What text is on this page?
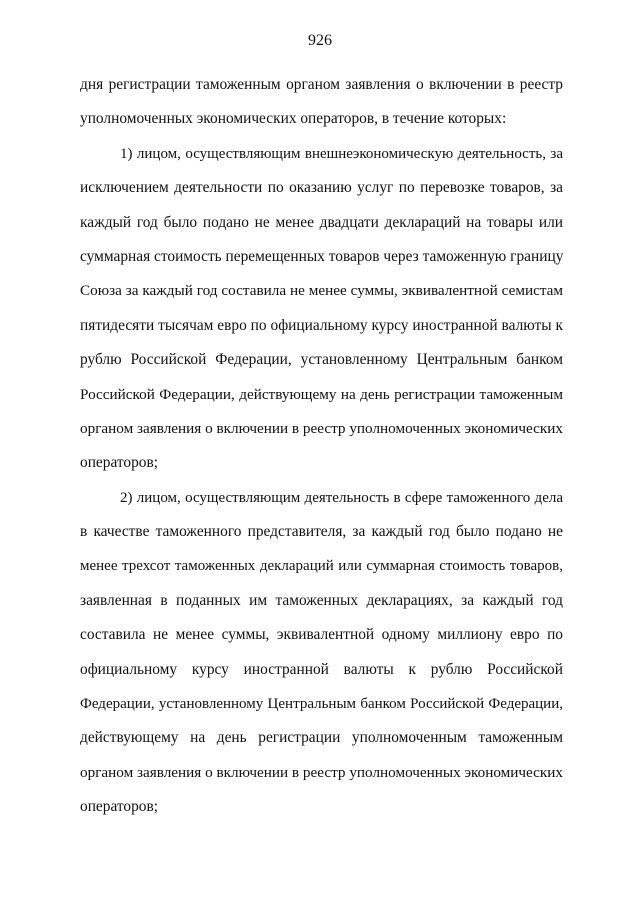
926
дня регистрации таможенным органом заявления о включении в реестр
уполномоченных экономических операторов, в течение которых:
1) лицом, осуществляющим внешнеэкономическую деятельность, за
исключением деятельности по оказанию услуг по перевозке товаров, за
каждый год было подано не менее двадцати деклараций на товары или
суммарная стоимость перемещенных товаров через таможенную границу
Союза за каждый год составила не менее суммы, эквивалентной семистам
пятидесяти тысячам евро по официальному курсу иностранной валюты к
рублю Российской Федерации, установленному Центральным банком
Российской Федерации, действующему на день регистрации таможенным
органом заявления о включении в реестр уполномоченных экономических
операторов;
2) лицом, осуществляющим деятельность в сфере таможенного дела
в качестве таможенного представителя, за каждый год было подано не
менее трехсот таможенных деклараций или суммарная стоимость товаров,
заявленная в поданных им таможенных декларациях, за каждый год
составила не менее суммы, эквивалентной одному миллиону евро по
официальному курсу иностранной валюты к рублю Российской
Федерации, установленному Центральным банком Российской Федерации,
действующему на день регистрации уполномоченным таможенным
органом заявления о включении в реестр уполномоченных экономических
операторов;
